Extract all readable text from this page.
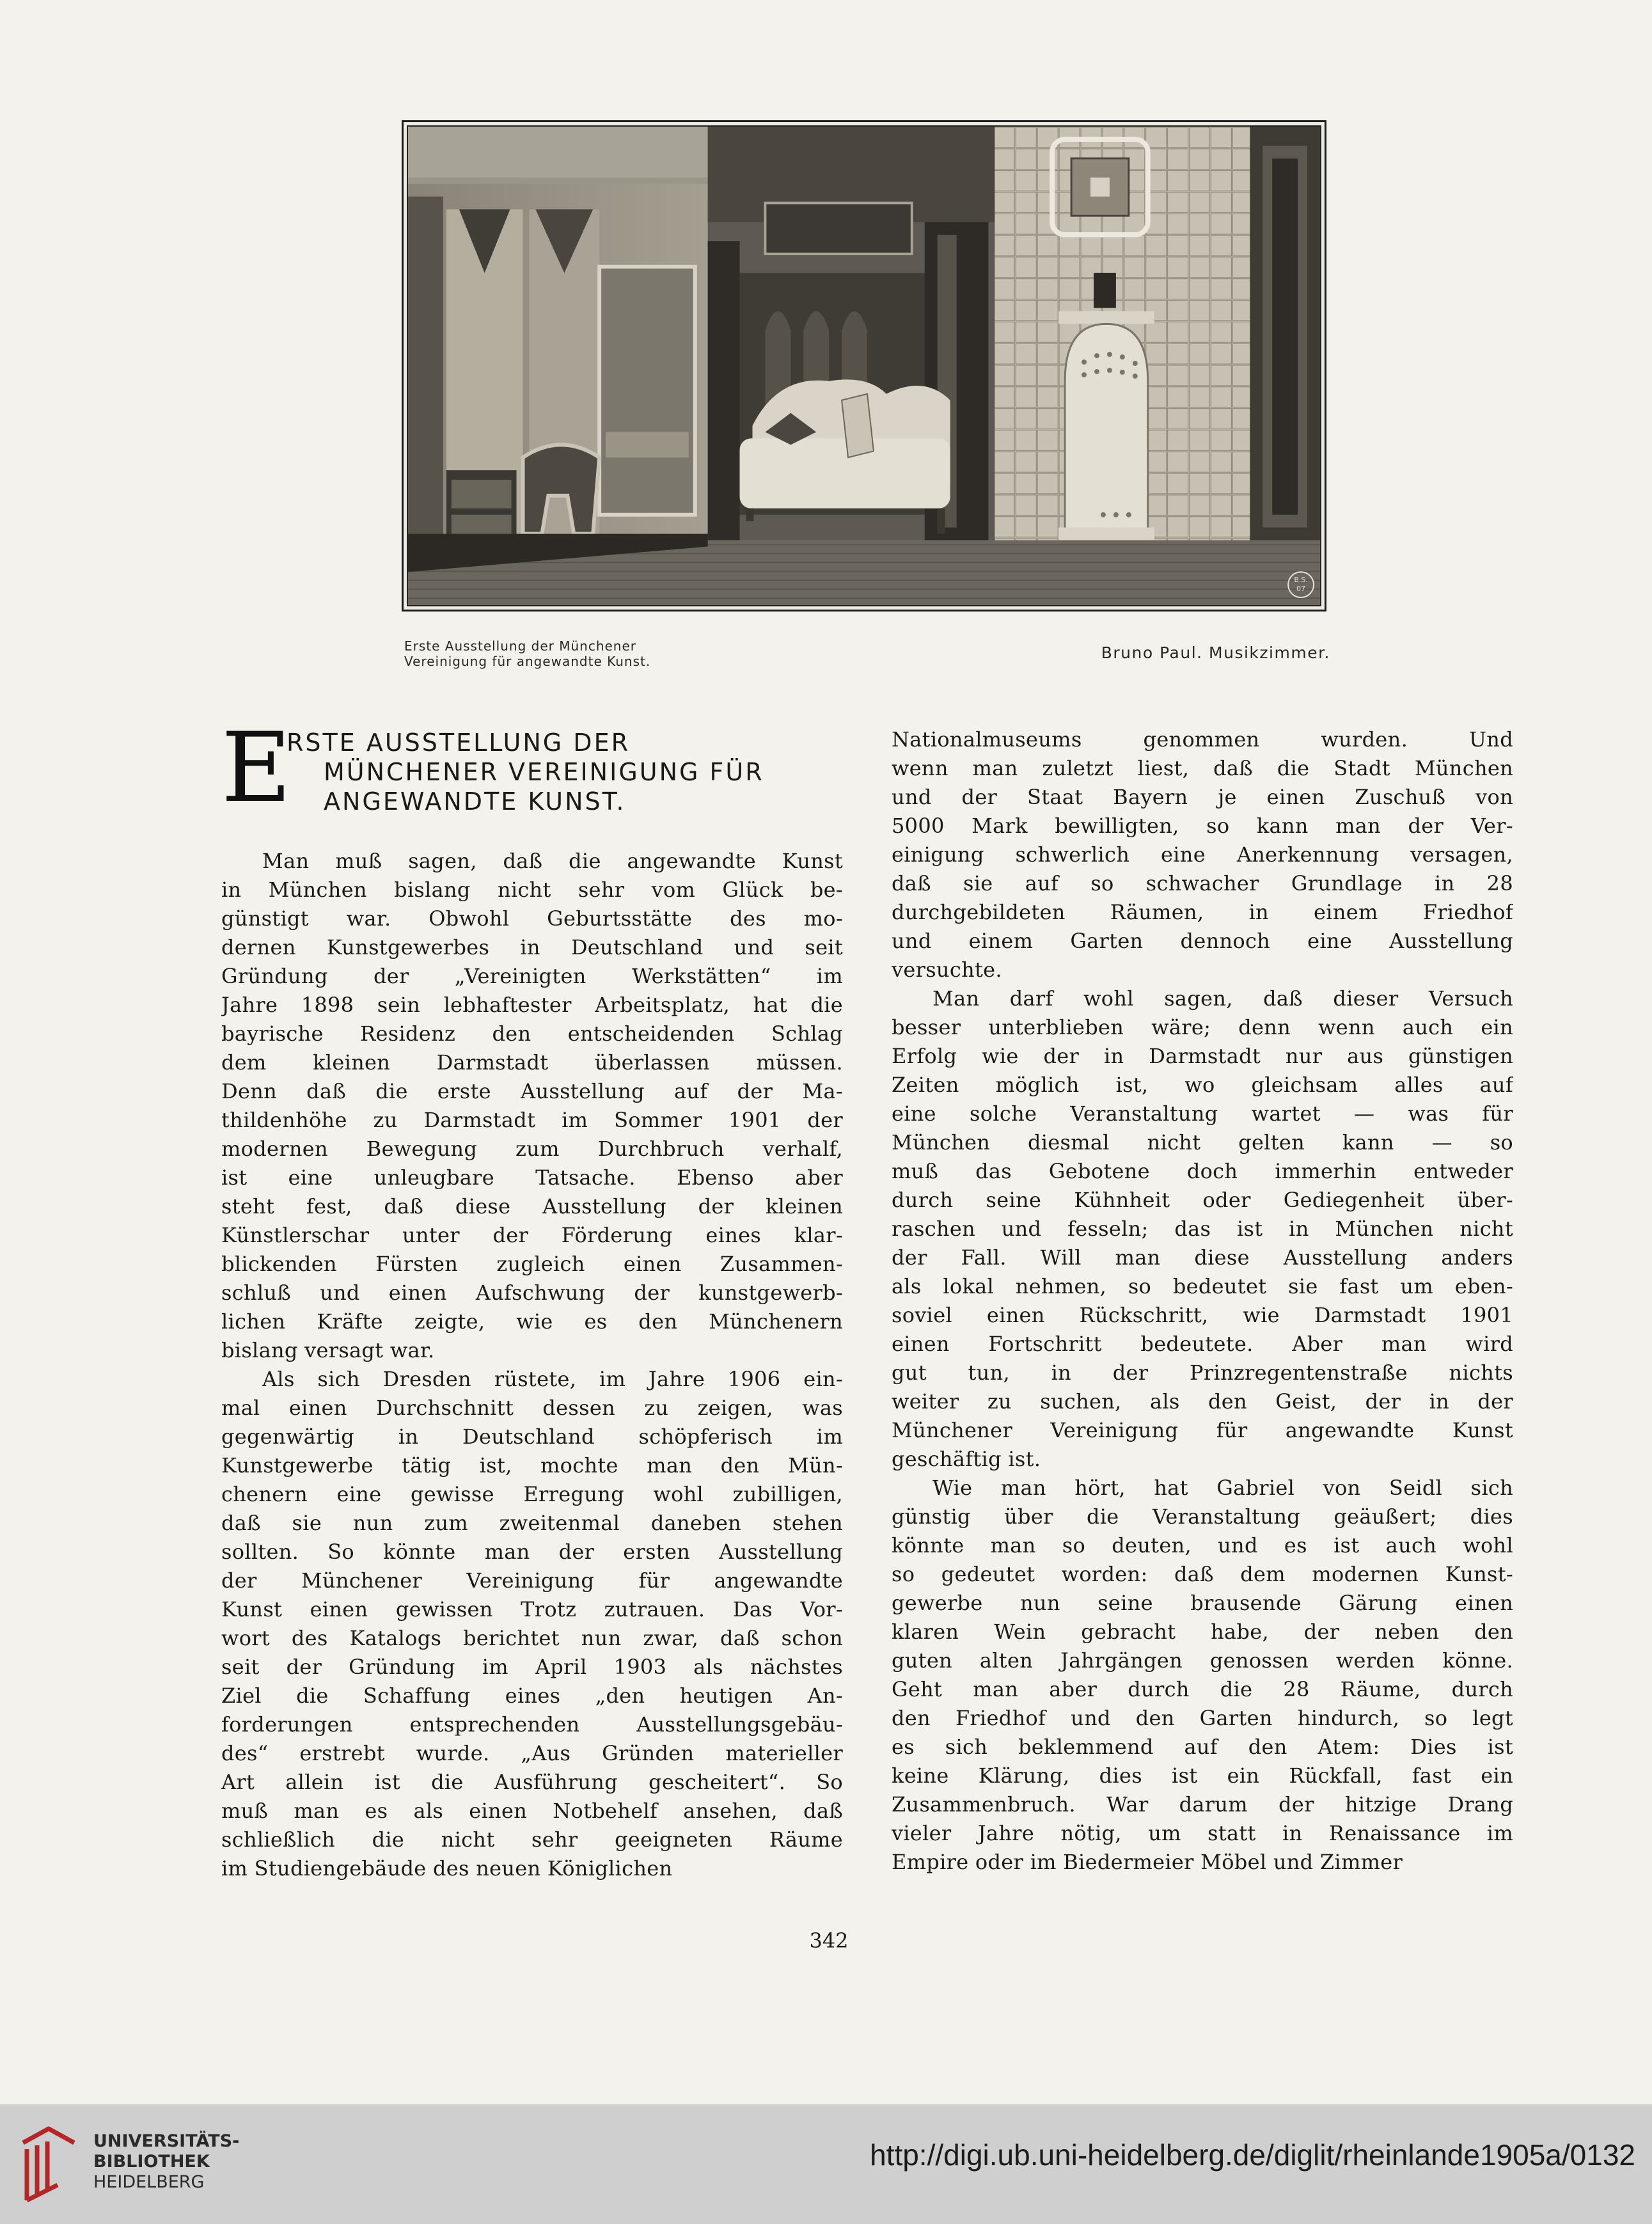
B.S.
07
Erste Ausstellung der Münchener
Vereinigung für angewandte Kunst.	Bruno Paul. Musikzimmer.
E
RSTE AUSSTELLUNG DER
MÜNCHENER VEREINIGUNG FÜR
ANGEWANDTE KUNST.
Man muß sagen, daß die angewandte Kunst
in München bislang nicht sehr vom Glück be-
günstigt war. Obwohl Geburtsstätte des mo-
dernen Kunstgewerbes in Deutschland und seit
Gründung der „Vereinigten Werkstätten“ im
Jahre 1898 sein lebhaftester Arbeitsplatz, hat die
bayrische Residenz den entscheidenden Schlag
dem kleinen Darmstadt überlassen müssen.
Denn daß die erste Ausstellung auf der Ma-
thildenhöhe zu Darmstadt im Sommer 1901 der
modernen Bewegung zum Durchbruch verhalf,
ist eine unleugbare Tatsache. Ebenso aber
steht fest, daß diese Ausstellung der kleinen
Künstlerschar unter der Förderung eines klar-
blickenden Fürsten zugleich einen Zusammen-
schluß und einen Aufschwung der kunstgewerb-
lichen Kräfte zeigte, wie es den Münchenern
bislang versagt war.
Als sich Dresden rüstete, im Jahre 1906 ein-
mal einen Durchschnitt dessen zu zeigen, was
gegenwärtig in Deutschland schöpferisch im
Kunstgewerbe tätig ist, mochte man den Mün-
chenern eine gewisse Erregung wohl zubilligen,
daß sie nun zum zweitenmal daneben stehen
sollten. So könnte man der ersten Ausstellung
der Münchener Vereinigung für angewandte
Kunst einen gewissen Trotz zutrauen. Das Vor-
wort des Katalogs berichtet nun zwar, daß schon
seit der Gründung im April 1903 als nächstes
Ziel die Schaffung eines „den heutigen An-
forderungen entsprechenden Ausstellungsgebäu-
des“ erstrebt wurde. „Aus Gründen materieller
Art allein ist die Ausführung gescheitert“. So
muß man es als einen Notbehelf ansehen, daß
schließlich die nicht sehr geeigneten Räume
im Studiengebäude des neuen Königlichen
Nationalmuseums genommen wurden. Und
wenn man zuletzt liest, daß die Stadt München
und der Staat Bayern je einen Zuschuß von
5000 Mark bewilligten, so kann man der Ver-
einigung schwerlich eine Anerkennung versagen,
daß sie auf so schwacher Grundlage in 28
durchgebildeten Räumen, in einem Friedhof
und einem Garten dennoch eine Ausstellung
versuchte.
Man darf wohl sagen, daß dieser Versuch
besser unterblieben wäre; denn wenn auch ein
Erfolg wie der in Darmstadt nur aus günstigen
Zeiten möglich ist, wo gleichsam alles auf
eine solche Veranstaltung wartet — was für
München diesmal nicht gelten kann — so
muß das Gebotene doch immerhin entweder
durch seine Kühnheit oder Gediegenheit über-
raschen und fesseln; das ist in München nicht
der Fall. Will man diese Ausstellung anders
als lokal nehmen, so bedeutet sie fast um eben-
soviel einen Rückschritt, wie Darmstadt 1901
einen Fortschritt bedeutete. Aber man wird
gut tun, in der Prinzregentenstraße nichts
weiter zu suchen, als den Geist, der in der
Münchener Vereinigung für angewandte Kunst
geschäftig ist.
Wie man hört, hat Gabriel von Seidl sich
günstig über die Veranstaltung geäußert; dies
könnte man so deuten, und es ist auch wohl
so gedeutet worden: daß dem modernen Kunst-
gewerbe nun seine brausende Gärung einen
klaren Wein gebracht habe, der neben den
guten alten Jahrgängen genossen werden könne.
Geht man aber durch die 28 Räume, durch
den Friedhof und den Garten hindurch, so legt
es sich beklemmend auf den Atem: Dies ist
keine Klärung, dies ist ein Rückfall, fast ein
Zusammenbruch. War darum der hitzige Drang
vieler Jahre nötig, um statt in Renaissance im
Empire oder im Biedermeier Möbel und Zimmer
342
UNIVERSITÄTS-
BIBLIOTHEK
HEIDELBERG
http://digi.ub.uni-heidelberg.de/diglit/rheinlande1905a/0132
